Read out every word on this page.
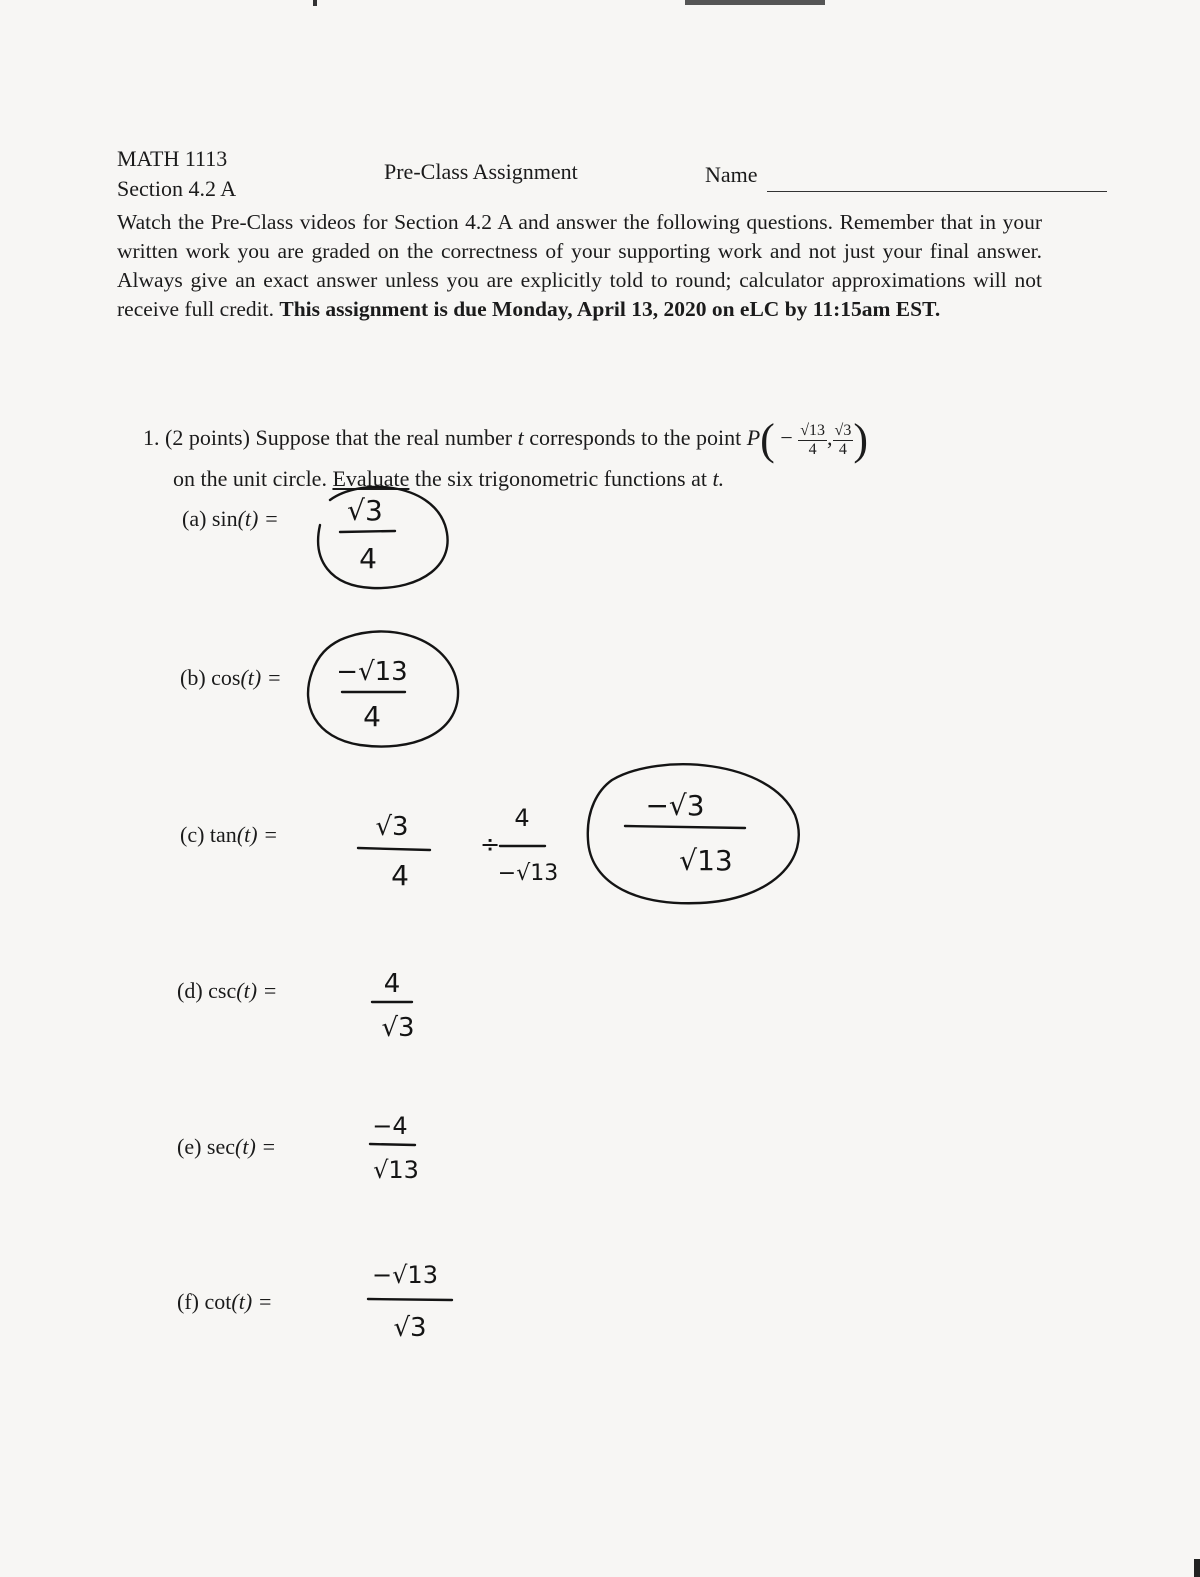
MATH 1113
Section 4.2 A
Pre-Class Assignment	Name
Watch the Pre-Class videos for Section 4.2 A and answer the following questions. Remember that in your written work you are graded on the correctness of your supporting work and not just your final answer. Always give an exact answer unless you are explicitly told to round; calculator approximations will not receive full credit. This assignment is due Monday, April 13, 2020 on eLC by 11:15am EST.
1. (2 points) Suppose that the real number t corresponds to the point $P( - \frac{√13}{4}$ , $\frac{√3}{4}$ )
on the unit circle. Evaluate the six trigonometric functions at t.
(a) sin(t) =
(b) cos(t) =
(c) tan(t) =
(d) csc(t) =
(e) sec(t) =
(f) cot(t) =
√3
4
−√13
4
√3
4
÷
4
−√13
−√3
√13
4
√3
−4
√13
−√13
√3
